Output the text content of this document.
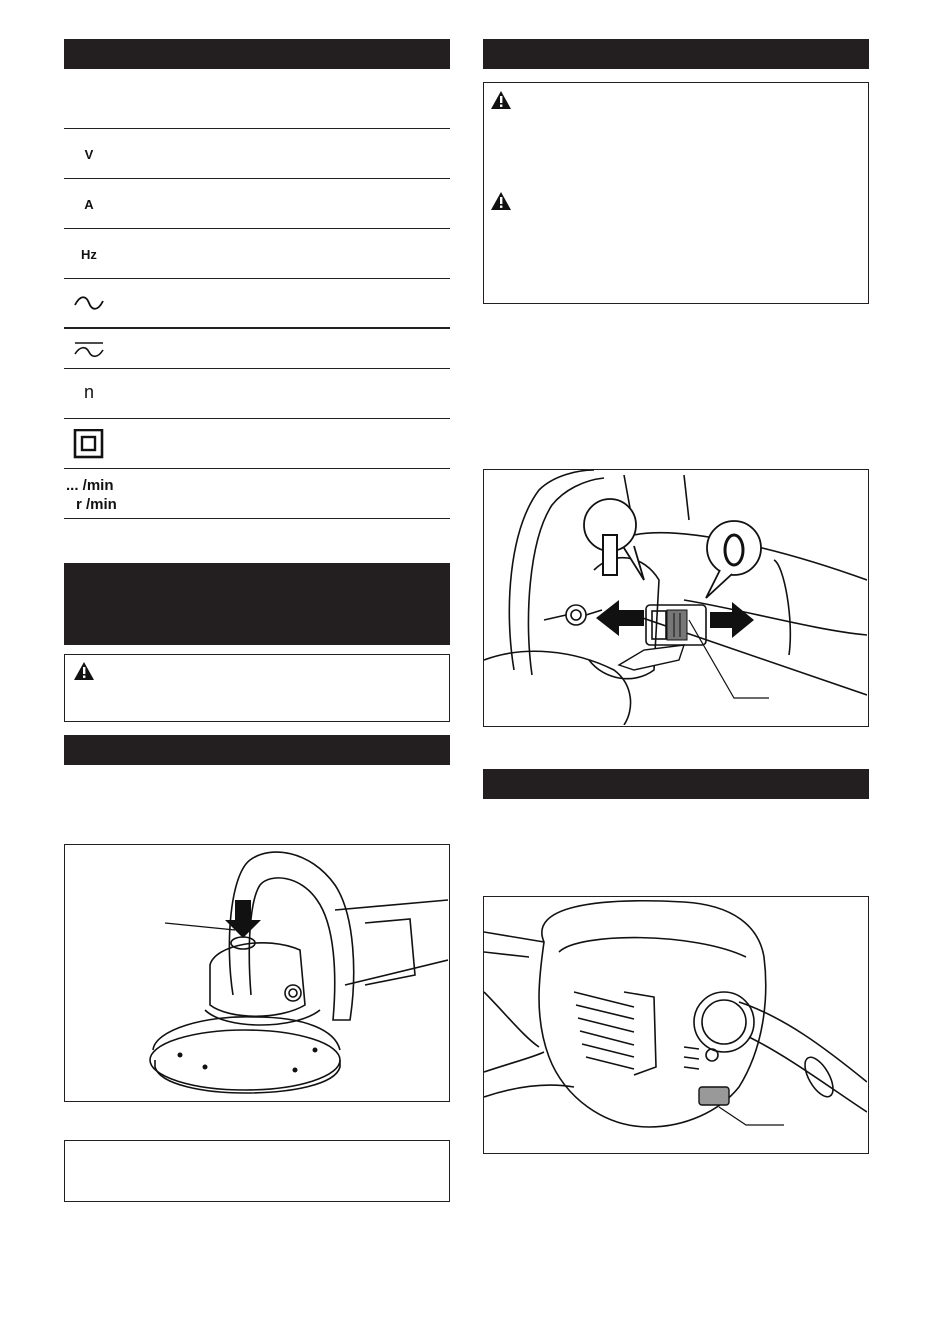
V
A
Hz
n
... /min
r /min
